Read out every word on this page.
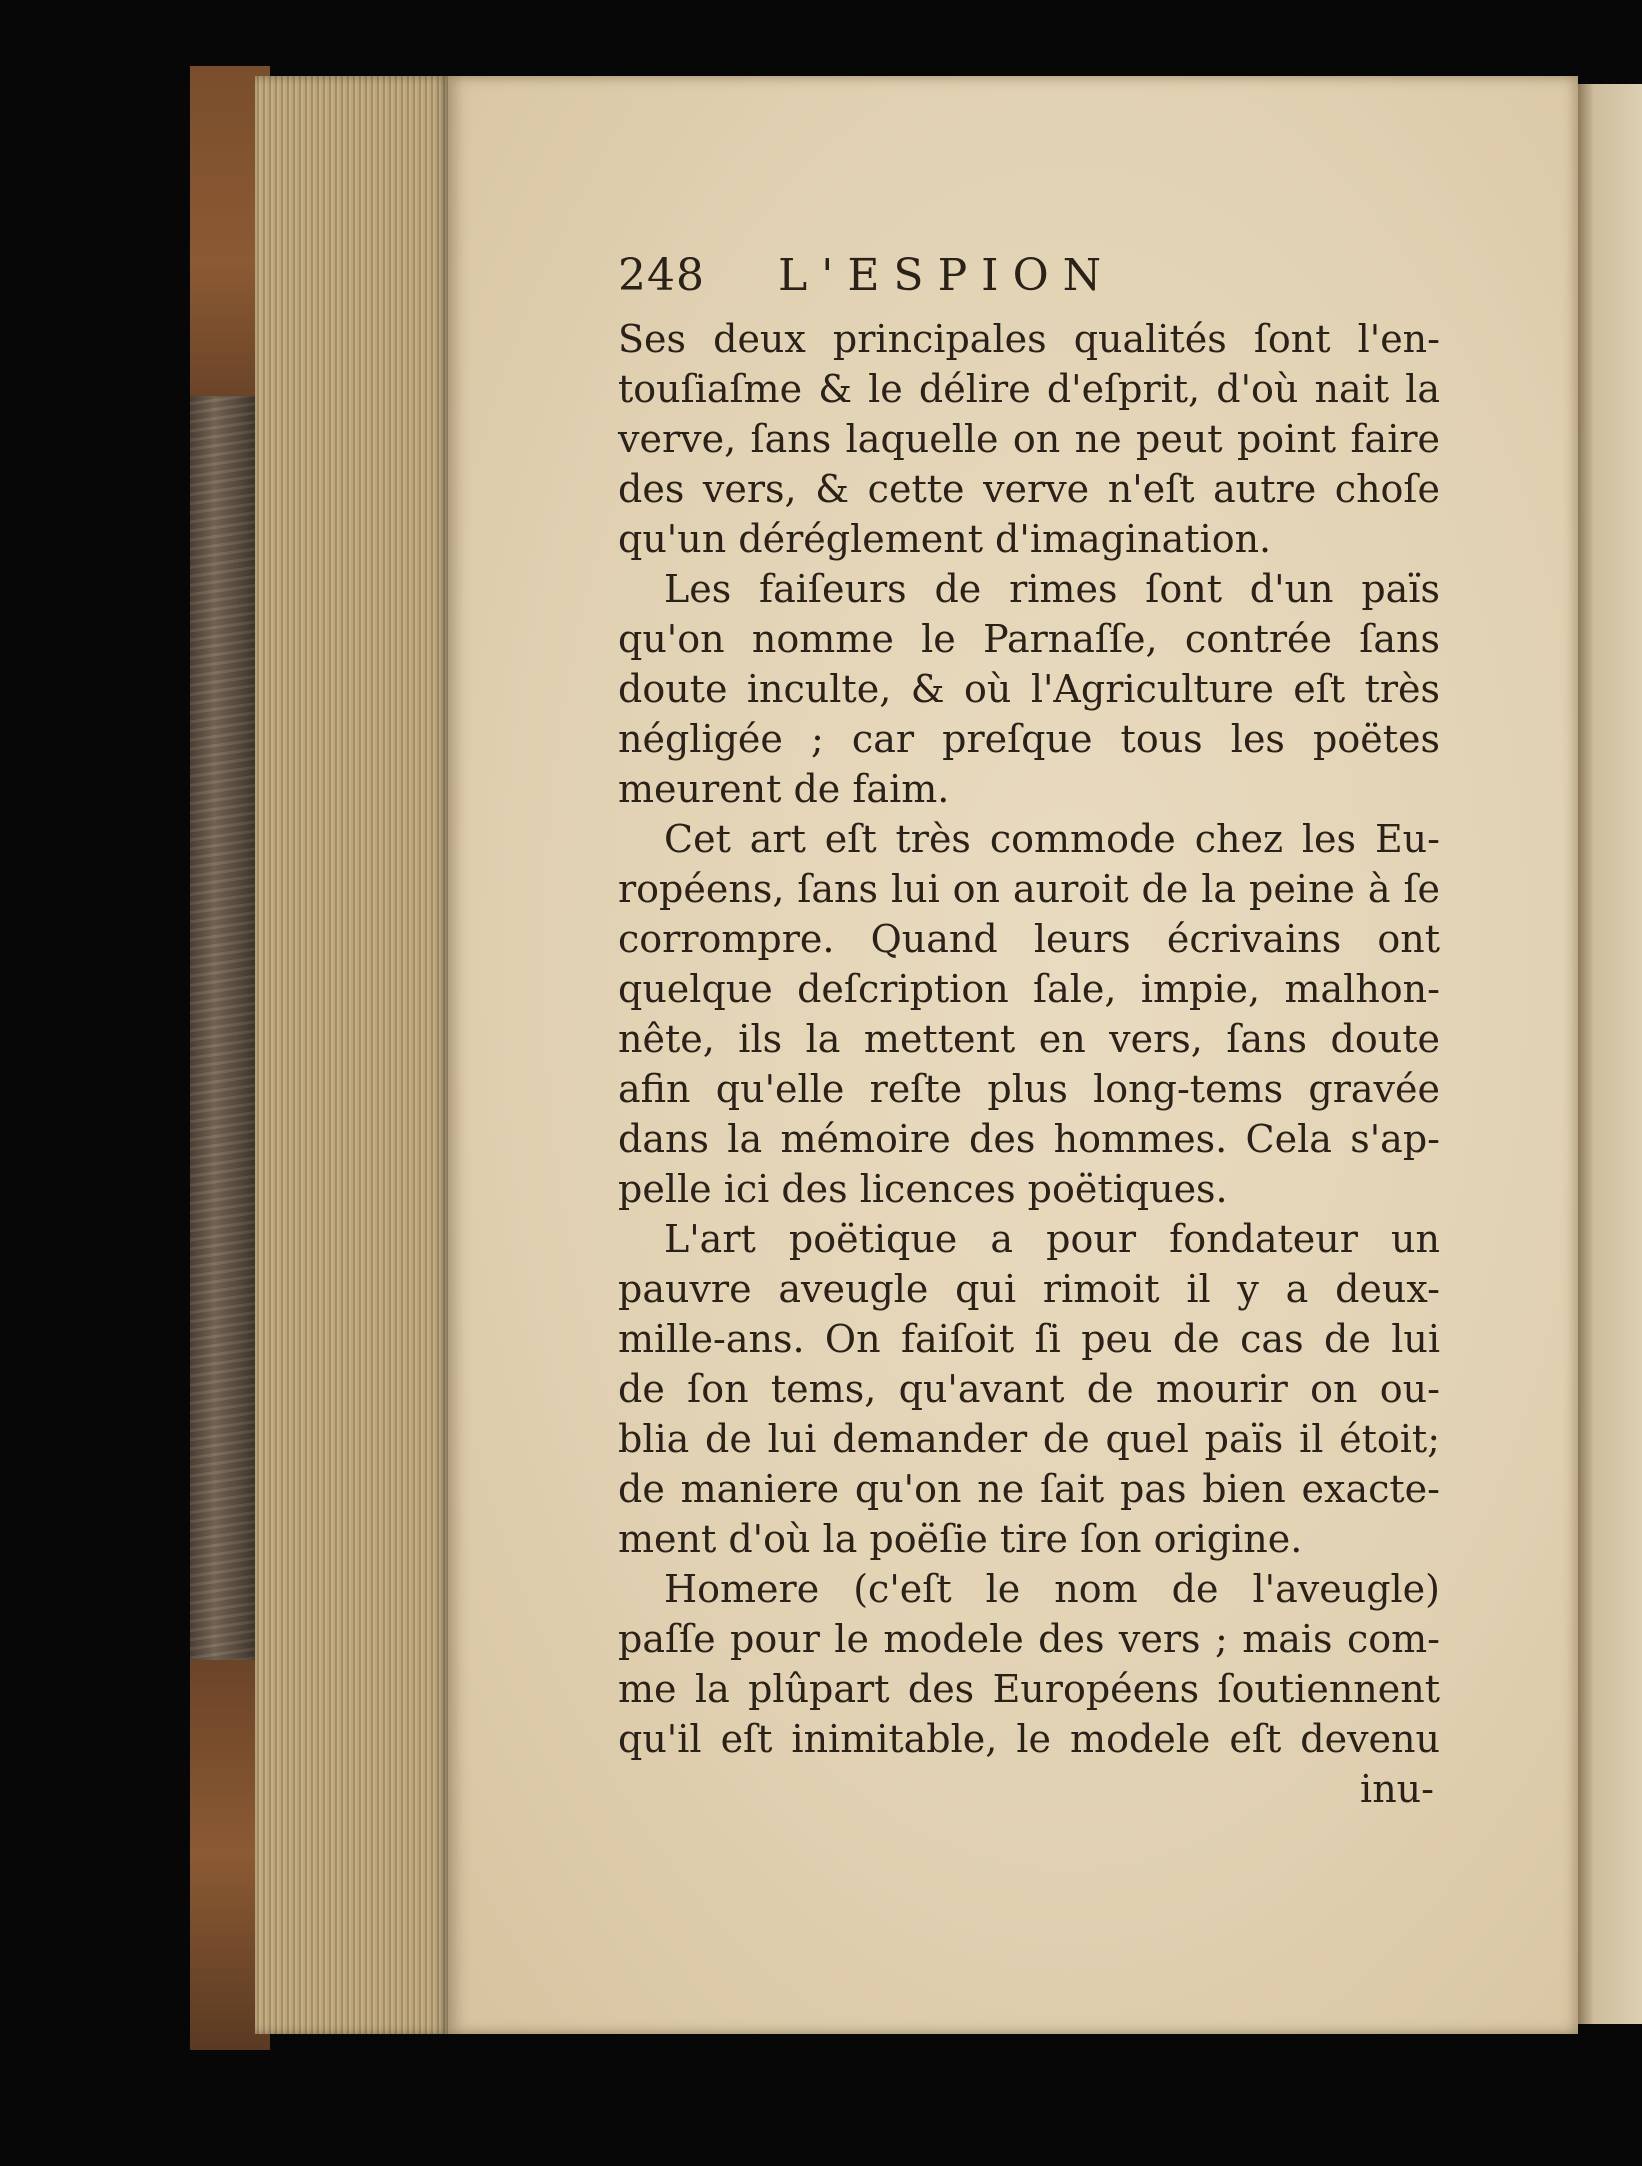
248	L'ESPION
Ses deux principales qualités ſont l'en-
touſiaſme & le délire d'eſprit, d'où nait la
verve, ſans laquelle on ne peut point faire
des vers, & cette verve n'eſt autre choſe
qu'un déréglement d'imagination.
Les faiſeurs de rimes ſont d'un païs
qu'on nomme le Parnaſſe, contrée ſans
doute inculte, & où l'Agriculture eſt très
négligée ; car preſque tous les poëtes
meurent de faim.
Cet art eſt très commode chez les Eu-
ropéens, ſans lui on auroit de la peine à ſe
corrompre. Quand leurs écrivains ont
quelque deſcription ſale, impie, malhon-
nête, ils la mettent en vers, ſans doute
afin qu'elle reſte plus long-tems gravée
dans la mémoire des hommes. Cela s'ap-
pelle ici des licences poëtiques.
L'art poëtique a pour fondateur un
pauvre aveugle qui rimoit il y a deux-
mille-ans. On faiſoit ſi peu de cas de lui
de ſon tems, qu'avant de mourir on ou-
blia de lui demander de quel païs il étoit;
de maniere qu'on ne ſait pas bien exacte-
ment d'où la poëſie tire ſon origine.
Homere (c'eſt le nom de l'aveugle)
paſſe pour le modele des vers ; mais com-
me la plûpart des Européens ſoutiennent
qu'il eſt inimitable, le modele eſt devenu
inu-
